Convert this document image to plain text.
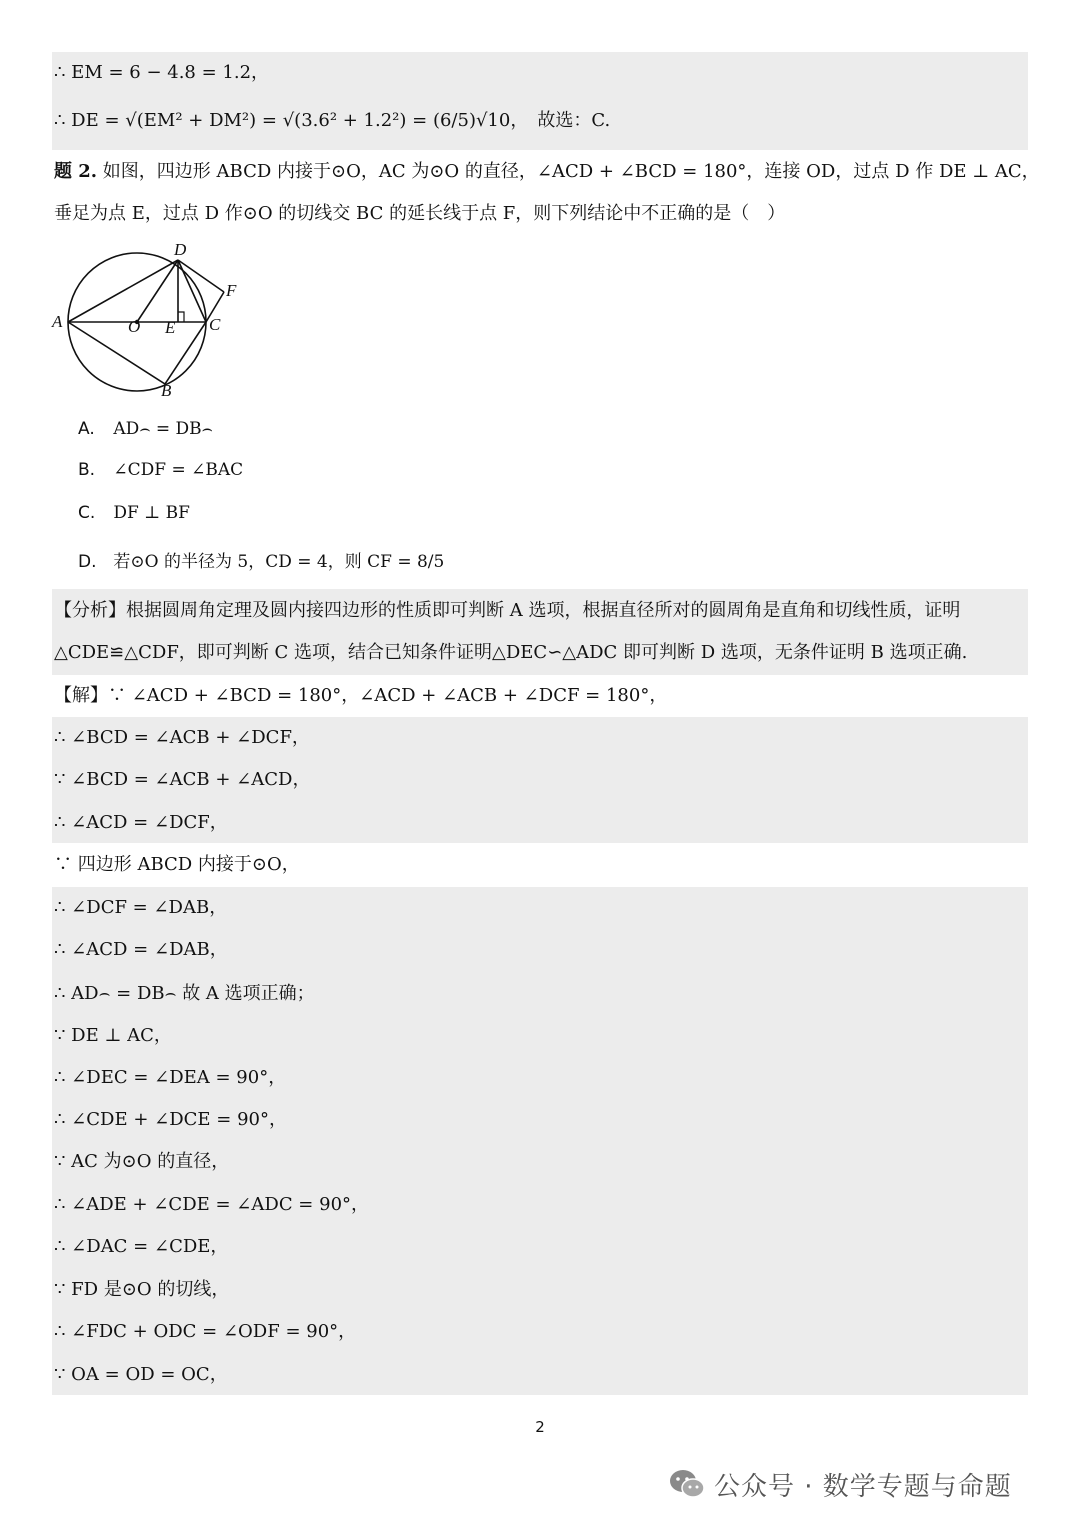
∴ EM = 6 − 4.8 = 1.2，
∴ DE = √(EM² + DM²) = √(3.6² + 1.2²) = (6/5)√10，　故选：C.
题 2. 如图，四边形 ABCD 内接于⊙O，AC 为⊙O 的直径，∠ACD + ∠BCD = 180°，连接 OD，过点 D 作 DE ⊥ AC，
垂足为点 E，过点 D 作⊙O 的切线交 BC 的延长线于点 F，则下列结论中不正确的是（　）
D
F
A	O E C
B
A. AD⌢ = DB⌢
B. ∠CDF = ∠BAC
C. DF ⊥ BF
D. 若⊙O 的半径为 5，CD = 4，则 CF = 8/5
【分析】根据圆周角定理及圆内接四边形的性质即可判断 A 选项，根据直径所对的圆周角是直角和切线性质，证明
△CDE≌△CDF，即可判断 C 选项，结合已知条件证明△DEC∽△ADC 即可判断 D 选项，无条件证明 B 选项正确.
【解】∵ ∠ACD + ∠BCD = 180°，∠ACD + ∠ACB + ∠DCF = 180°，
∴ ∠BCD = ∠ACB + ∠DCF，
∵ ∠BCD = ∠ACB + ∠ACD，
∴ ∠ACD = ∠DCF，
∵ 四边形 ABCD 内接于⊙O，
∴ ∠DCF = ∠DAB，
∴ ∠ACD = ∠DAB，
∴ AD⌢ = DB⌢ 故 A 选项正确；
∵ DE ⊥ AC，
∴ ∠DEC = ∠DEA = 90°，
∴ ∠CDE + ∠DCE = 90°，
∵ AC 为⊙O 的直径，
∴ ∠ADE + ∠CDE = ∠ADC = 90°，
∴ ∠DAC = ∠CDE，
∵ FD 是⊙O 的切线，
∴ ∠FDC + ODC = ∠ODF = 90°，
∵ OA = OD = OC，
2
公众号 · 数学专题与命题
